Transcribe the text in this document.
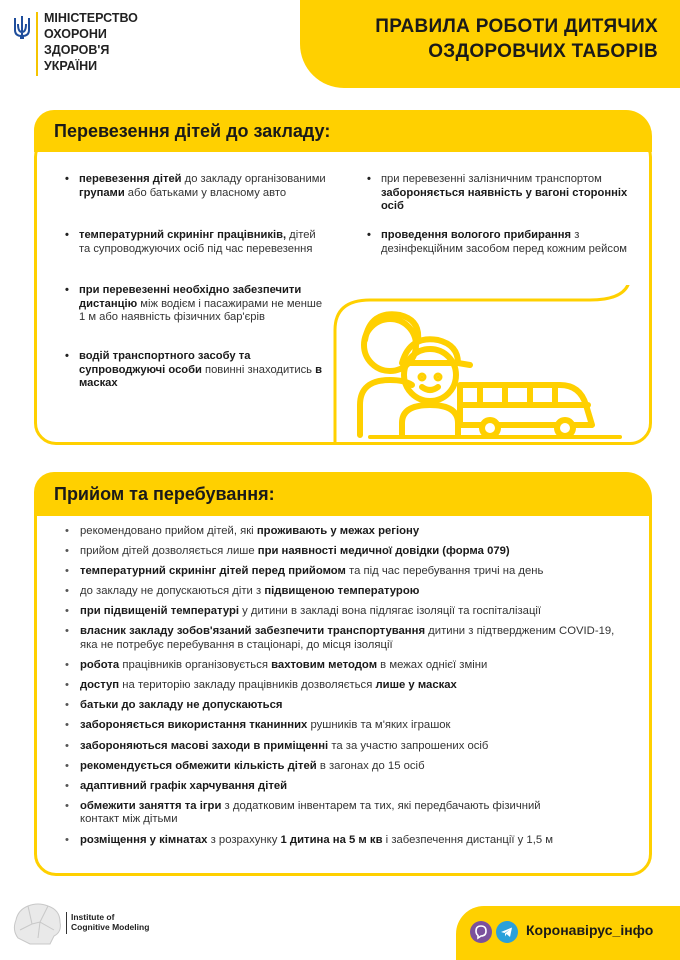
МІНІСТЕРСТВО
ОХОРОНИ
ЗДОРОВ'Я
УКРАЇНИ
ПРАВИЛА РОБОТИ ДИТЯЧИХ
ОЗДОРОВЧИХ ТАБОРІВ
Перевезення дітей до закладу:
• перевезення дітей до закладу організованими групами або батьками у власному авто
• температурний скринінг працівників, дітей та супроводжуючих осіб під час перевезення
• при перевезенні необхідно забезпечити дистанцію між водієм і пасажирами не менше 1 м або наявність фізичних бар'єрів
• водій транспортного засобу та супроводжуючі особи повинні знаходитись в масках
• при перевезенні залізничним транспортом забороняється наявність у вагоні сторонніх осіб
• проведення вологого прибирання з дезінфекційним засобом перед кожним рейсом
Прийом та перебування:
• рекомендовано прийом дітей, які проживають у межах регіону
• прийом дітей дозволяється лише при наявності медичної довідки (форма 079)
• температурний скринінг дітей перед прийомом та під час перебування тричі на день
• до закладу не допускаються діти з підвищеною температурою
• при підвищеній температурі у дитини в закладі вона підлягає ізоляції та госпіталізації
• власник закладу зобов'язаний забезпечити транспортування дитини з підтвердженим COVID-19, яка не потребує перебування в стаціонарі, до місця ізоляції
• робота працівників організовується вахтовим методом в межах однієї зміни
• доступ на територію закладу працівників дозволяється лише у масках
• батьки до закладу не допускаються
• забороняється використання тканинних рушників та м'яких іграшок
• забороняються масові заходи в приміщенні та за участю запрошених осіб
• рекомендується обмежити кількість дітей в загонах до 15 осіб
• адаптивний графік харчування дітей
• обмежити заняття та ігри з додатковим інвентарем та тих, які передбачають фізичний контакт між дітьми
• розміщення у кімнатах з розрахунку 1 дитина на 5 м кв і забезпечення дистанції у 1,5 м
Institute of
Cognitive Modeling	Коронавірус_інфо
